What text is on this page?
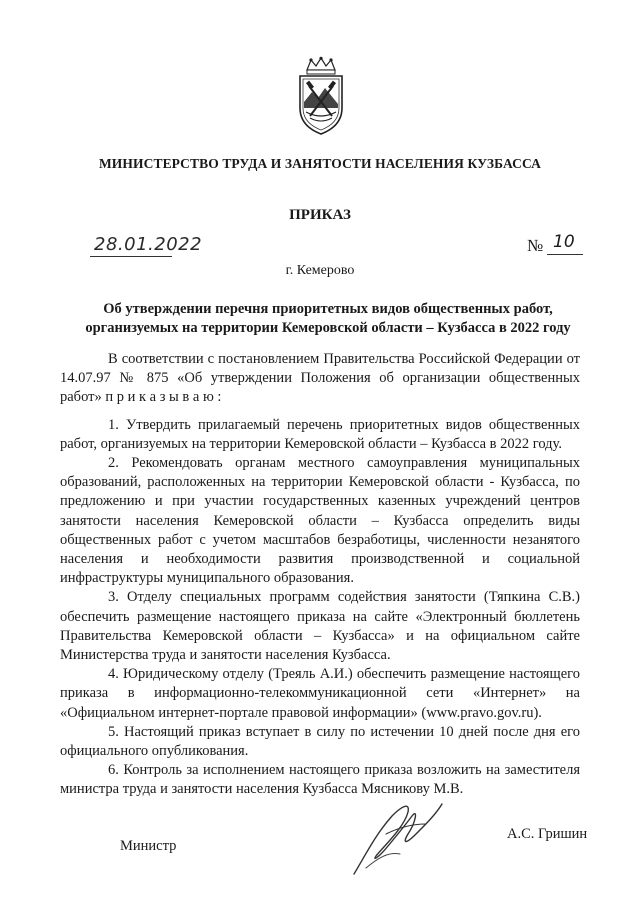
МИНИСТЕРСТВО ТРУДА И ЗАНЯТОСТИ НАСЕЛЕНИЯ КУЗБАССА
ПРИКАЗ
28.01.2022	№ 10
г. Кемерово
Об утверждении перечня приоритетных видов общественных работ,
организуемых на территории Кемеровской области – Кузбасса в 2022 году

В соответствии с постановлением Правительства Российской Федерации от 14.07.97 № 875 «Об утверждении Положения об организации общественных работ» п р и к а з ы в а ю :

1. Утвердить прилагаемый перечень приоритетных видов общественных работ, организуемых на территории Кемеровской области – Кузбасса в 2022 году.

2. Рекомендовать органам местного самоуправления муниципальных образований, расположенных на территории Кемеровской области - Кузбасса, по предложению и при участии государственных казенных учреждений центров занятости населения Кемеровской области – Кузбасса определить виды общественных работ с учетом масштабов безработицы, численности незанятого населения и необходимости развития производственной и социальной инфраструктуры муниципального образования.

3. Отделу специальных программ содействия занятости (Тяпкина С.В.) обеспечить размещение настоящего приказа на сайте «Электронный бюллетень Правительства Кемеровской области – Кузбасса» и на официальном сайте Министерства труда и занятости населения Кузбасса.

4. Юридическому отделу (Треяль А.И.) обеспечить размещение настоящего приказа в информационно-телекоммуникационной сети «Интернет» на «Официальном интернет-портале правовой информации» (www.pravo.gov.ru).

5. Настоящий приказ вступает в силу по истечении 10 дней после дня его официального опубликования.

6. Контроль за исполнением настоящего приказа возложить на заместителя министра труда и занятости населения Кузбасса Мясникову М.В.

Министр
А.С. Гришин
